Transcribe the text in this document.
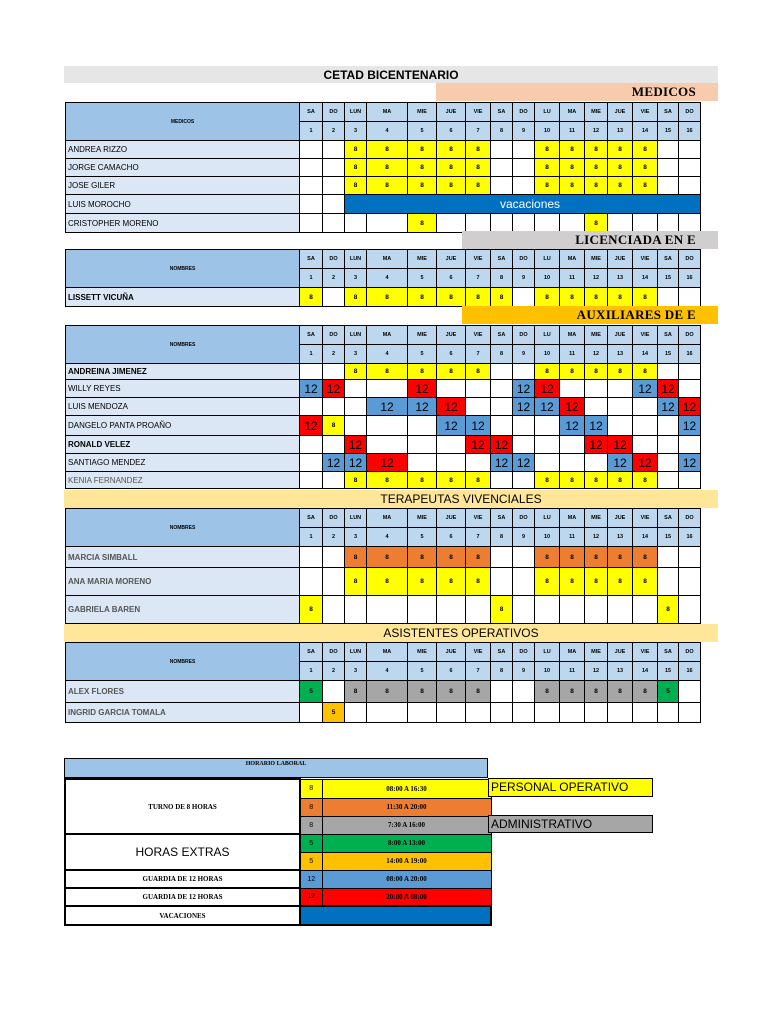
CETAD BICENTENARIO
MEDICOS
MEDICOS	SA	DO	LUN	MA	MIE	JUE	VIE	SA	DO	LU	MA	MIE	JUE	VIE	SA	DO
	1	2	3	4	5	6	7	8	9	10	11	12	13	14	15	16
ANDREA RIZZO			8	8	8	8	8			8	8	8	8	8		
JORGE CAMACHO			8	8	8	8	8			8	8	8	8	8		
JOSE GILER			8	8	8	8	8			8	8	8	8	8		
LUIS MOROCHO			vacaciones													
CRISTOPHER MORENO					8							8				
NOMBRES	SA	DO	LUN	MA	MIE	JUE	VIE	SA	DO	LU	MA	MIE	JUE	VIE	SA	DO
	1	2	3	4	5	6	7	8	9	10	11	12	13	14	15	16
LISSETT VICUÑA	8		8	8	8	8	8	8		8	8	8	8	8		
NOMBRES	SA	DO	LUN	MA	MIE	JUE	VIE	SA	DO	LU	MA	MIE	JUE	VIE	SA	DO
	1	2	3	4	5	6	7	8	9	10	11	12	13	14	15	16
ANDREINA JIMENEZ			8	8	8	8	8			8	8	8	8	8		
WILLY REYES	12	12			12				12	12				12	12	
LUIS MENDOZA				12	12	12			12	12	12				12	12
DANGELO PANTA PROAÑO	12	8				12	12				12	12				12
RONALD VELEZ			12				12	12				12	12			
SANTIAGO MENDEZ		12	12	12				12	12				12	12		12
KENIA FERNANDEZ			8	8	8	8	8			8	8	8	8	8		
NOMBRES	SA	DO	LUN	MA	MIE	JUE	VIE	SA	DO	LU	MA	MIE	JUE	VIE	SA	DO
	1	2	3	4	5	6	7	8	9	10	11	12	13	14	15	16
MARCIA SIMBALL			8	8	8	8	8			8	8	8	8	8		
ANA MARIA MORENO			8	8	8	8	8			8	8	8	8	8		
GABRIELA BAREN	8							8							8	
NOMBRES	SA	DO	LUN	MA	MIE	JUE	VIE	SA	DO	LU	MA	MIE	JUE	VIE	SA	DO
	1	2	3	4	5	6	7	8	9	10	11	12	13	14	15	16
ALEX FLORES	5		8	8	8	8	8			8	8	8	8	8	5	
INGRID GARCIA TOMALA		5														
LICENCIADA EN E
AUXILIARES DE E
TERAPEUTAS VIVENCIALES
ASISTENTES OPERATIVOS
HORARIO LABORAL
TURNO DE 8 HORAS	8	08:00 A 16:30
	8	11:30 A 20:00
	8	7:30 A 16:00
HORAS EXTRAS	5	8:00 A 13:00
	5	14:00 A 19:00
GUARDIA DE 12 HORAS	12	08:00 A 20:00
GUARDIA DE 12 HORAS	12	20:00 A 08:00
VACACIONES		
PERSONAL OPERATIVO
ADMINISTRATIVO
